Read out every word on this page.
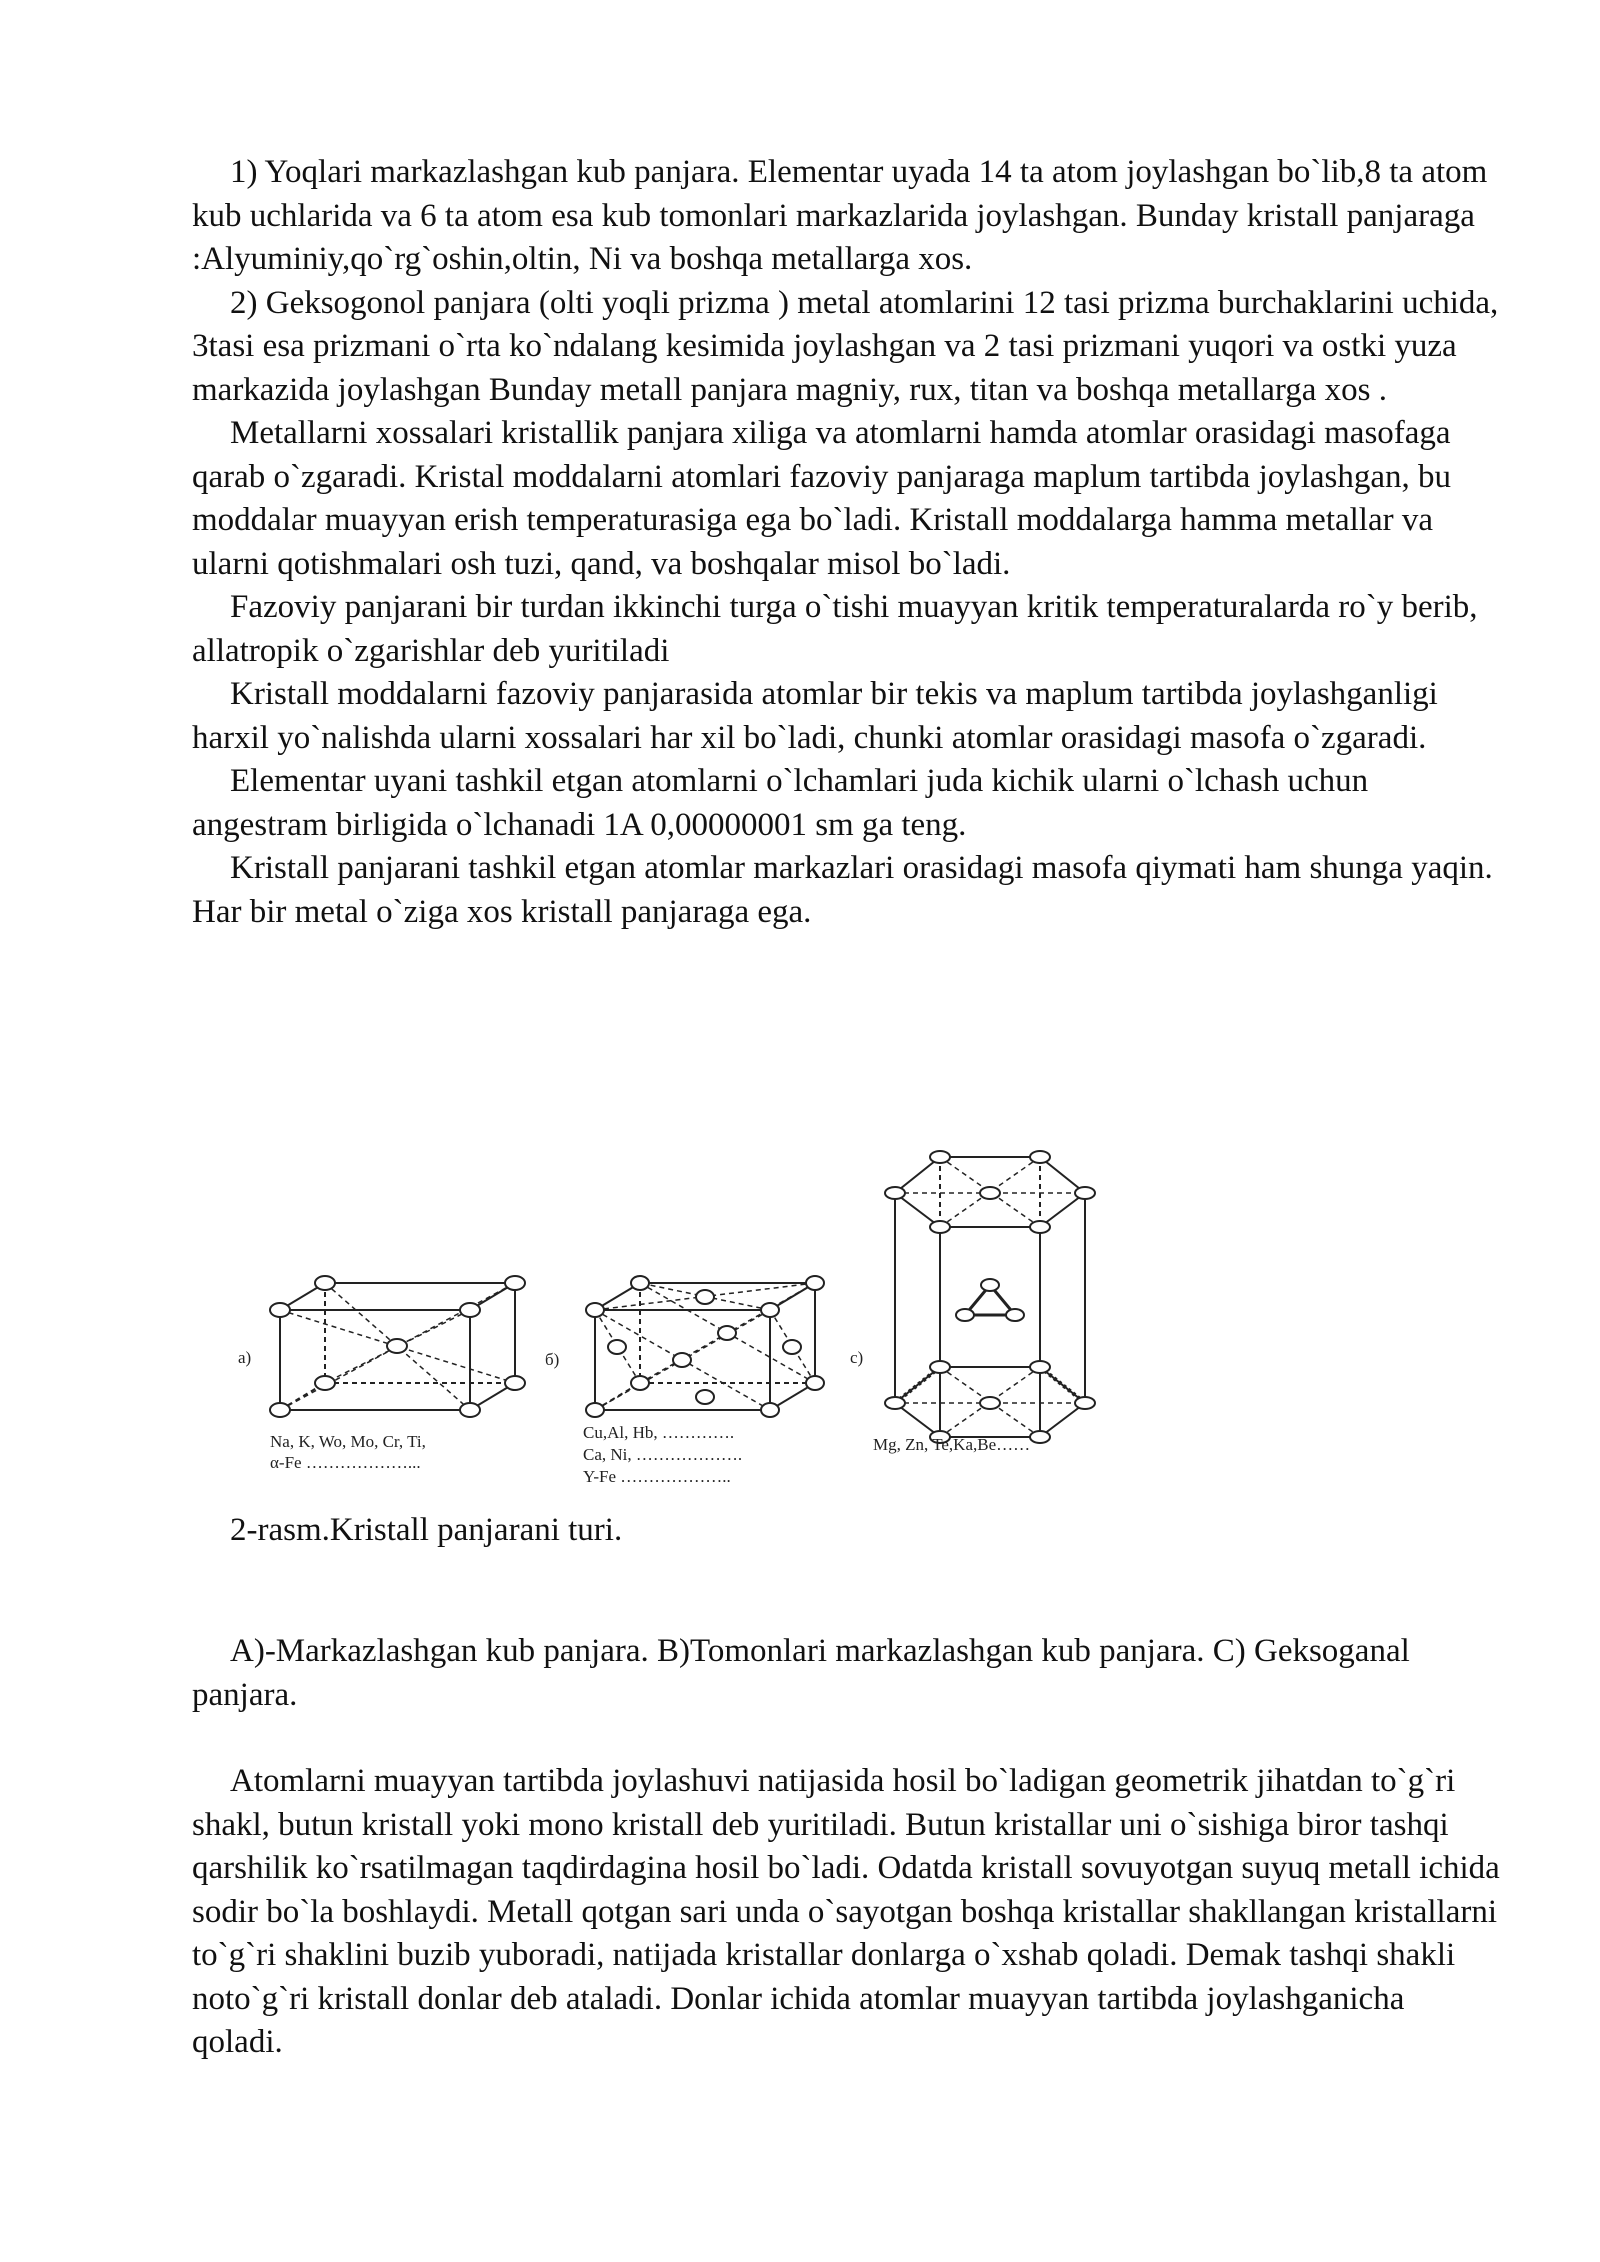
1) Yoqlari markazlashgan kub panjara. Elementar uyada 14 ta atom joylashgan bo`lib,8 ta atom kub uchlarida va 6 ta atom esa kub tomonlari markazlarida joylashgan. Bunday kristall panjaraga :Alyuminiy,qo`rg`oshin,oltin, Ni va boshqa metallarga xos.

2) Geksogonol panjara (olti yoqli prizma ) metal atomlarini 12 tasi prizma burchaklarini uchida, 3tasi esa prizmani o`rta ko`ndalang kesimida joylashgan va 2 tasi prizmani yuqori va ostki yuza markazida joylashgan Bunday metall panjara magniy, rux, titan va boshqa metallarga xos .

Metallarni xossalari kristallik panjara xiliga va atomlarni hamda atomlar orasidagi masofaga qarab o`zgaradi. Kristal moddalarni atomlari fazoviy panjaraga maplum tartibda joylashgan, bu moddalar muayyan erish temperaturasiga ega bo`ladi. Kristall moddalarga hamma metallar va ularni qotishmalari osh tuzi, qand, va boshqalar misol bo`ladi.

Fazoviy panjarani bir turdan ikkinchi turga o`tishi muayyan kritik temperaturalarda ro`y berib, allatropik o`zgarishlar deb yuritiladi

Kristall moddalarni fazoviy panjarasida atomlar bir tekis va maplum tartibda joylashganligi harxil yo`nalishda ularni xossalari har xil bo`ladi, chunki atomlar orasidagi masofa o`zgaradi.

Elementar uyani tashkil etgan atomlarni o`lchamlari juda kichik ularni o`lchash uchun angestram birligida o`lchanadi 1A 0,00000001 sm ga teng.

Kristall panjarani tashkil etgan atomlar markazlari orasidagi masofa qiymati ham shunga yaqin. Har bir metal o`ziga xos kristall panjaraga ega.

a)
Na, K, Wo, Mo, Cr, Ti,
α-Fe ………………...
б)
Cu,Al, Hb, ………….
Ca, Ni, ……………….
Y-Fe ………………..
c)
Mg, Zn, Te,Ka,Be……
2-rasm.Kristall panjarani turi.

A)-Markazlashgan kub panjara. B)Tomonlari markazlashgan kub panjara. C) Geksoganal panjara.

Atomlarni muayyan tartibda joylashuvi natijasida hosil bo`ladigan geometrik jihatdan to`g`ri shakl, butun kristall yoki mono kristall deb yuritiladi. Butun kristallar uni o`sishiga biror tashqi qarshilik ko`rsatilmagan taqdirdagina hosil bo`ladi. Odatda kristall sovuyotgan suyuq metall ichida sodir bo`la boshlaydi. Metall qotgan sari unda o`sayotgan boshqa kristallar shakllangan kristallarni to`g`ri shaklini buzib yuboradi, natijada kristallar donlarga o`xshab qoladi. Demak tashqi shakli noto`g`ri kristall donlar deb ataladi. Donlar ichida atomlar muayyan tartibda joylashganicha qoladi.
